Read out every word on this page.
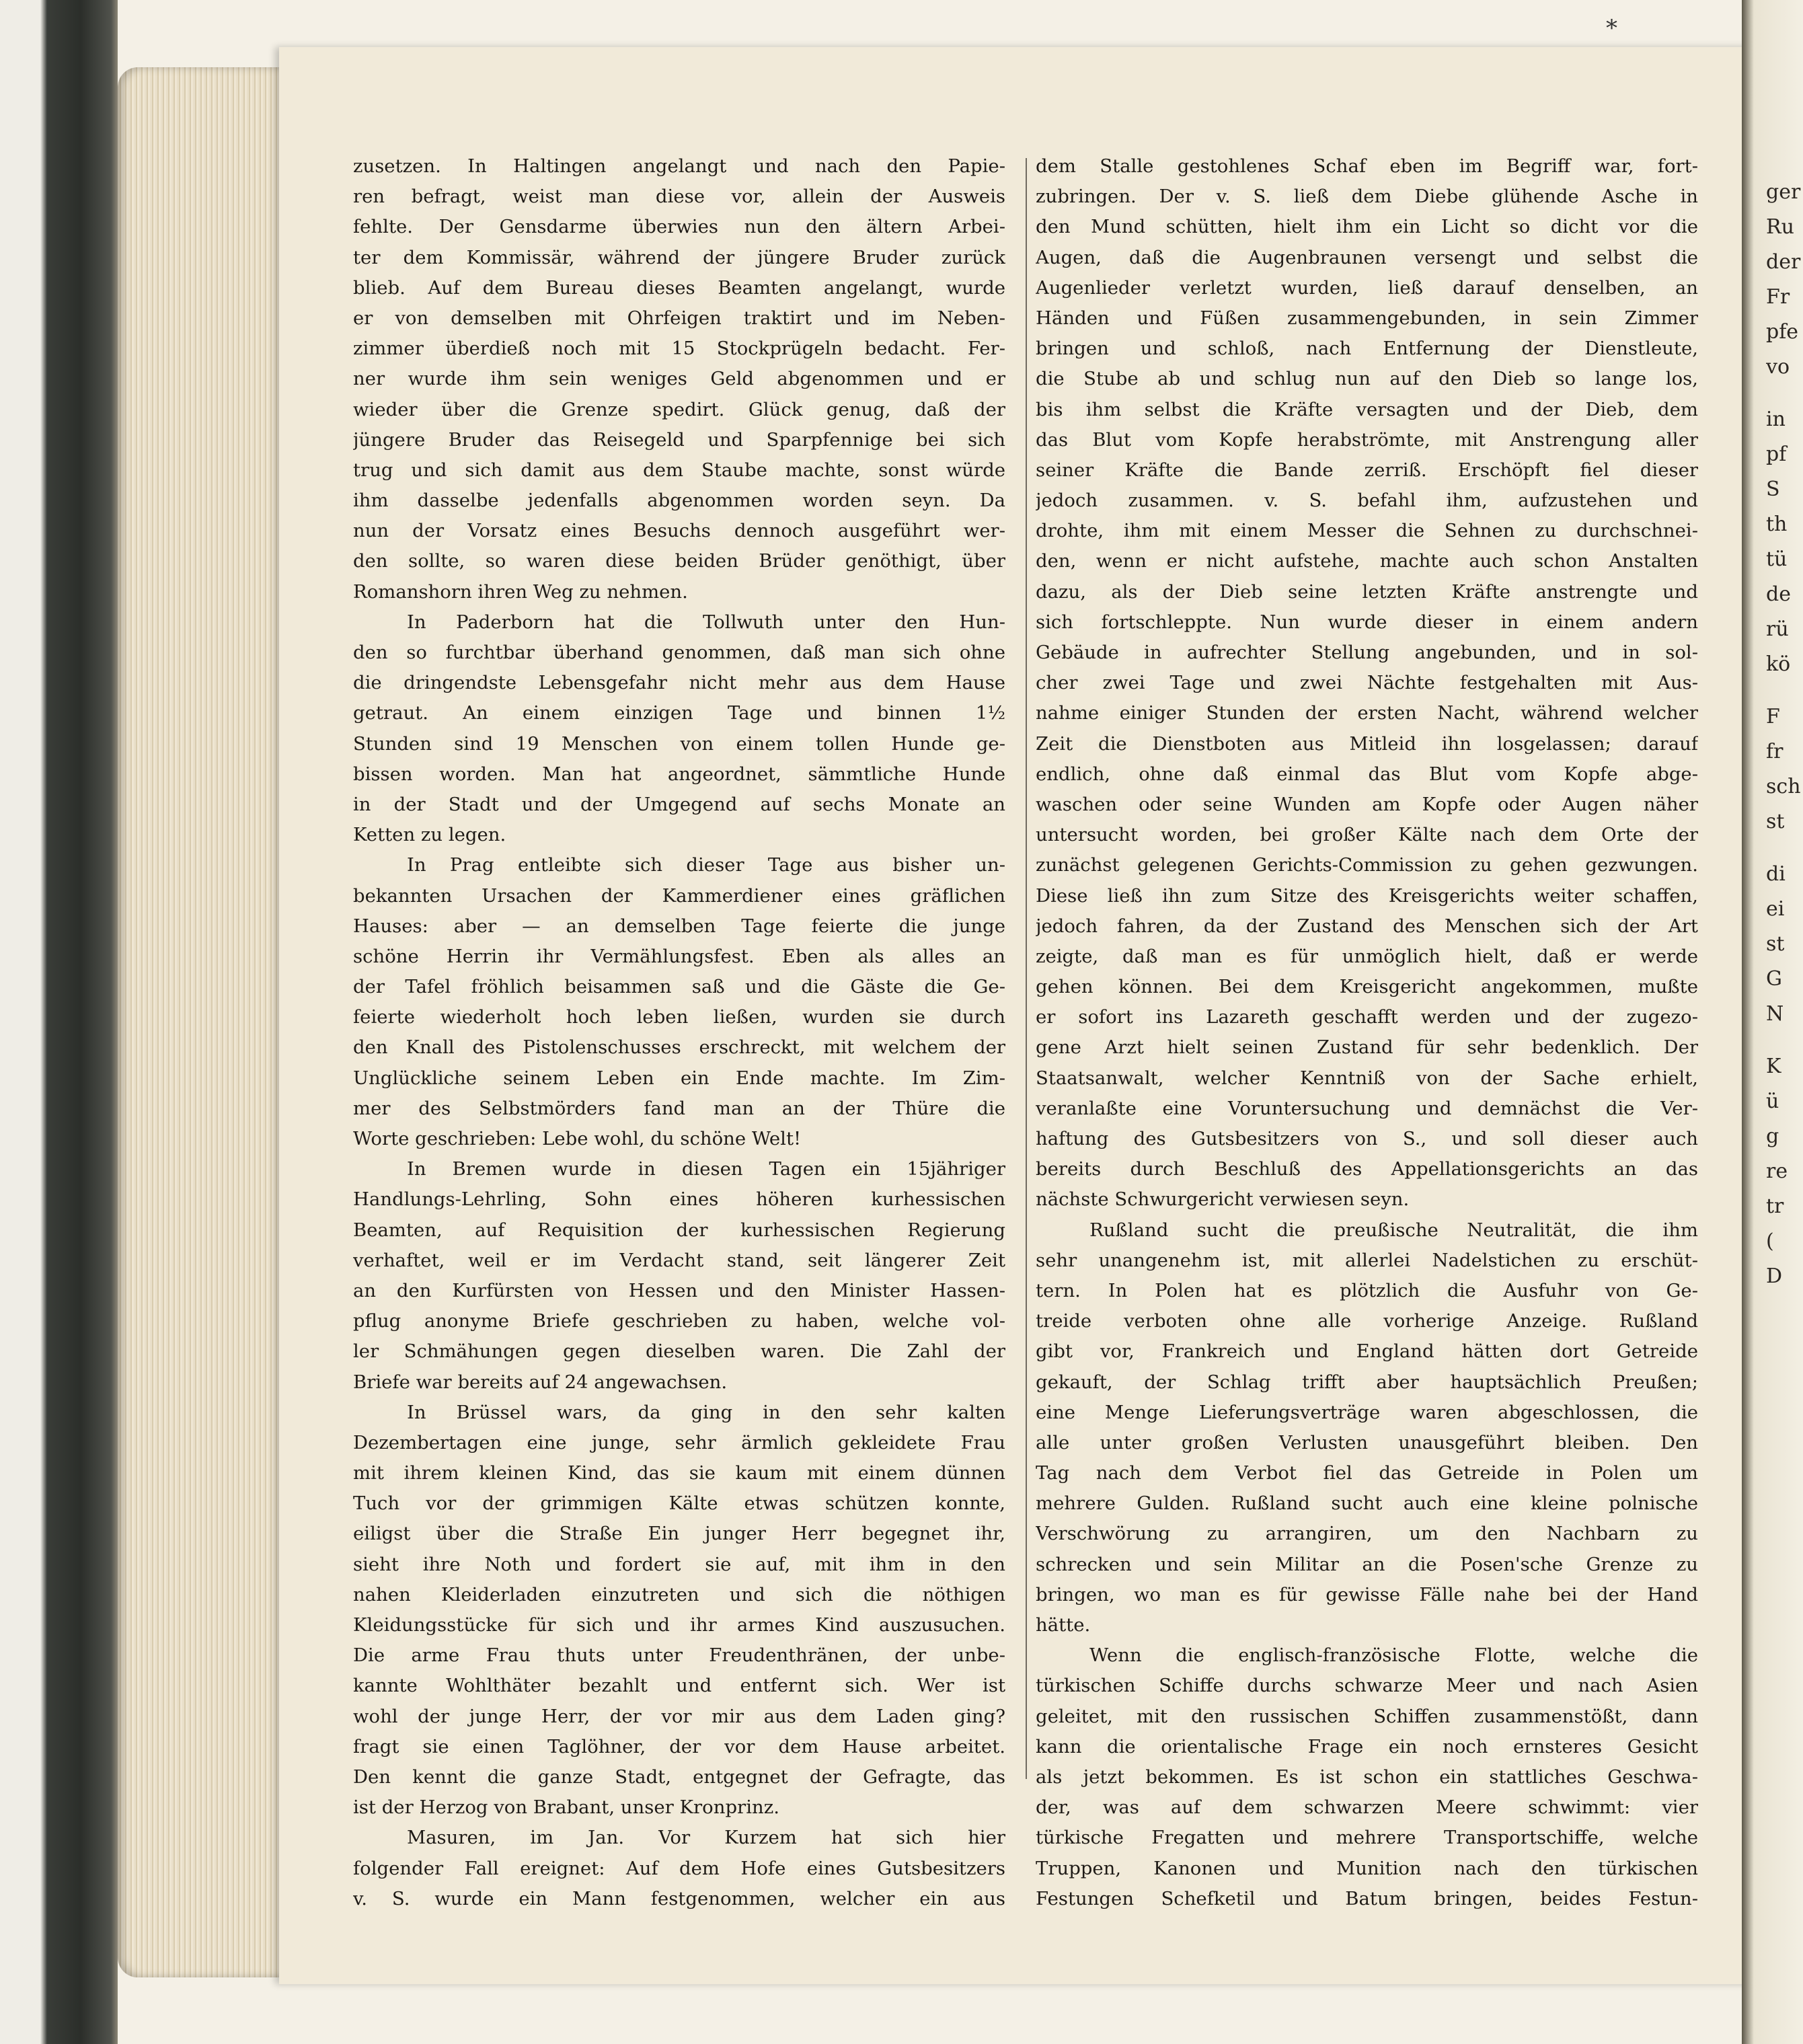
ger
Ru
der
Fr
pfe
vo
in
pf
S
th
tü
de
rü
kö
F
fr
sch
st
di
ei
st
G
N
K
ü
g
re
tr
(
D
*
zusetzen. In Haltingen angelangt und nach den Papie-
ren befragt, weist man diese vor, allein der Ausweis
fehlte. Der Gensdarme überwies nun den ältern Arbei-
ter dem Kommissär, während der jüngere Bruder zurück
blieb. Auf dem Bureau dieses Beamten angelangt, wurde
er von demselben mit Ohrfeigen traktirt und im Neben-
zimmer überdieß noch mit 15 Stockprügeln bedacht. Fer-
ner wurde ihm sein weniges Geld abgenommen und er
wieder über die Grenze spedirt. Glück genug, daß der
jüngere Bruder das Reisegeld und Sparpfennige bei sich
trug und sich damit aus dem Staube machte, sonst würde
ihm dasselbe jedenfalls abgenommen worden seyn. Da
nun der Vorsatz eines Besuchs dennoch ausgeführt wer-
den sollte, so waren diese beiden Brüder genöthigt, über
Romanshorn ihren Weg zu nehmen.
In Paderborn hat die Tollwuth unter den Hun-
den so furchtbar überhand genommen, daß man sich ohne
die dringendste Lebensgefahr nicht mehr aus dem Hause
getraut. An einem einzigen Tage und binnen 1½
Stunden sind 19 Menschen von einem tollen Hunde ge-
bissen worden. Man hat angeordnet, sämmtliche Hunde
in der Stadt und der Umgegend auf sechs Monate an
Ketten zu legen.
In Prag entleibte sich dieser Tage aus bisher un-
bekannten Ursachen der Kammerdiener eines gräflichen
Hauses: aber — an demselben Tage feierte die junge
schöne Herrin ihr Vermählungsfest. Eben als alles an
der Tafel fröhlich beisammen saß und die Gäste die Ge-
feierte wiederholt hoch leben ließen, wurden sie durch
den Knall des Pistolenschusses erschreckt, mit welchem der
Unglückliche seinem Leben ein Ende machte. Im Zim-
mer des Selbstmörders fand man an der Thüre die
Worte geschrieben: Lebe wohl, du schöne Welt!
In Bremen wurde in diesen Tagen ein 15jähriger
Handlungs-Lehrling, Sohn eines höheren kurhessischen
Beamten, auf Requisition der kurhessischen Regierung
verhaftet, weil er im Verdacht stand, seit längerer Zeit
an den Kurfürsten von Hessen und den Minister Hassen-
pflug anonyme Briefe geschrieben zu haben, welche vol-
ler Schmähungen gegen dieselben waren. Die Zahl der
Briefe war bereits auf 24 angewachsen.
In Brüssel wars, da ging in den sehr kalten
Dezembertagen eine junge, sehr ärmlich gekleidete Frau
mit ihrem kleinen Kind, das sie kaum mit einem dünnen
Tuch vor der grimmigen Kälte etwas schützen konnte,
eiligst über die Straße Ein junger Herr begegnet ihr,
sieht ihre Noth und fordert sie auf, mit ihm in den
nahen Kleiderladen einzutreten und sich die nöthigen
Kleidungsstücke für sich und ihr armes Kind auszusuchen.
Die arme Frau thuts unter Freudenthränen, der unbe-
kannte Wohlthäter bezahlt und entfernt sich. Wer ist
wohl der junge Herr, der vor mir aus dem Laden ging?
fragt sie einen Taglöhner, der vor dem Hause arbeitet.
Den kennt die ganze Stadt, entgegnet der Gefragte, das
ist der Herzog von Brabant, unser Kronprinz.
Masuren, im Jan. Vor Kurzem hat sich hier
folgender Fall ereignet: Auf dem Hofe eines Gutsbesitzers
v. S. wurde ein Mann festgenommen, welcher ein aus
dem Stalle gestohlenes Schaf eben im Begriff war, fort-
zubringen. Der v. S. ließ dem Diebe glühende Asche in
den Mund schütten, hielt ihm ein Licht so dicht vor die
Augen, daß die Augenbraunen versengt und selbst die
Augenlieder verletzt wurden, ließ darauf denselben, an
Händen und Füßen zusammengebunden, in sein Zimmer
bringen und schloß, nach Entfernung der Dienstleute,
die Stube ab und schlug nun auf den Dieb so lange los,
bis ihm selbst die Kräfte versagten und der Dieb, dem
das Blut vom Kopfe herabströmte, mit Anstrengung aller
seiner Kräfte die Bande zerriß. Erschöpft fiel dieser
jedoch zusammen. v. S. befahl ihm, aufzustehen und
drohte, ihm mit einem Messer die Sehnen zu durchschnei-
den, wenn er nicht aufstehe, machte auch schon Anstalten
dazu, als der Dieb seine letzten Kräfte anstrengte und
sich fortschleppte. Nun wurde dieser in einem andern
Gebäude in aufrechter Stellung angebunden, und in sol-
cher zwei Tage und zwei Nächte festgehalten mit Aus-
nahme einiger Stunden der ersten Nacht, während welcher
Zeit die Dienstboten aus Mitleid ihn losgelassen; darauf
endlich, ohne daß einmal das Blut vom Kopfe abge-
waschen oder seine Wunden am Kopfe oder Augen näher
untersucht worden, bei großer Kälte nach dem Orte der
zunächst gelegenen Gerichts-Commission zu gehen gezwungen.
Diese ließ ihn zum Sitze des Kreisgerichts weiter schaffen,
jedoch fahren, da der Zustand des Menschen sich der Art
zeigte, daß man es für unmöglich hielt, daß er werde
gehen können. Bei dem Kreisgericht angekommen, mußte
er sofort ins Lazareth geschafft werden und der zugezo-
gene Arzt hielt seinen Zustand für sehr bedenklich. Der
Staatsanwalt, welcher Kenntniß von der Sache erhielt,
veranlaßte eine Voruntersuchung und demnächst die Ver-
haftung des Gutsbesitzers von S., und soll dieser auch
bereits durch Beschluß des Appellationsgerichts an das
nächste Schwurgericht verwiesen seyn.
Rußland sucht die preußische Neutralität, die ihm
sehr unangenehm ist, mit allerlei Nadelstichen zu erschüt-
tern. In Polen hat es plötzlich die Ausfuhr von Ge-
treide verboten ohne alle vorherige Anzeige. Rußland
gibt vor, Frankreich und England hätten dort Getreide
gekauft, der Schlag trifft aber hauptsächlich Preußen;
eine Menge Lieferungsverträge waren abgeschlossen, die
alle unter großen Verlusten unausgeführt bleiben. Den
Tag nach dem Verbot fiel das Getreide in Polen um
mehrere Gulden. Rußland sucht auch eine kleine polnische
Verschwörung zu arrangiren, um den Nachbarn zu
schrecken und sein Militar an die Posen'sche Grenze zu
bringen, wo man es für gewisse Fälle nahe bei der Hand
hätte.
Wenn die englisch-französische Flotte, welche die
türkischen Schiffe durchs schwarze Meer und nach Asien
geleitet, mit den russischen Schiffen zusammenstößt, dann
kann die orientalische Frage ein noch ernsteres Gesicht
als jetzt bekommen. Es ist schon ein stattliches Geschwa-
der, was auf dem schwarzen Meere schwimmt: vier
türkische Fregatten und mehrere Transportschiffe, welche
Truppen, Kanonen und Munition nach den türkischen
Festungen Schefketil und Batum bringen, beides Festun-
